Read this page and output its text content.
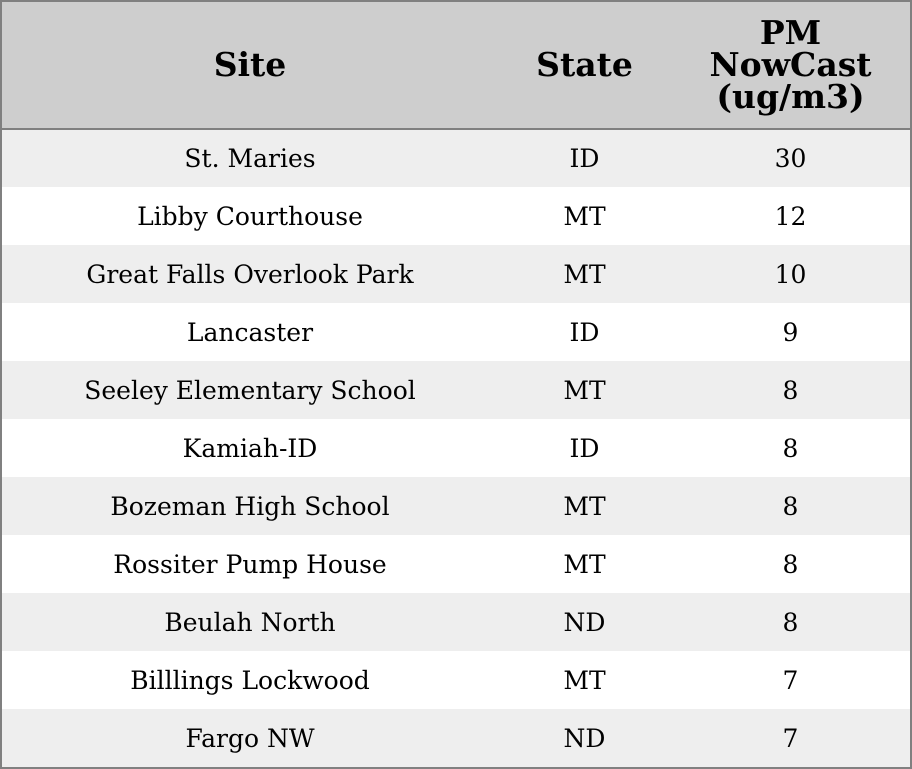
Site	State	PM
NowCast
(ug/m3)

St. Maries	ID	30
Libby Courthouse	MT	12
Great Falls Overlook Park	MT	10
Lancaster	ID	9
Seeley Elementary School	MT	8
Kamiah-ID	ID	8
Bozeman High School	MT	8
Rossiter Pump House	MT	8
Beulah North	ND	8
Billlings Lockwood	MT	7
Fargo NW	ND	7
